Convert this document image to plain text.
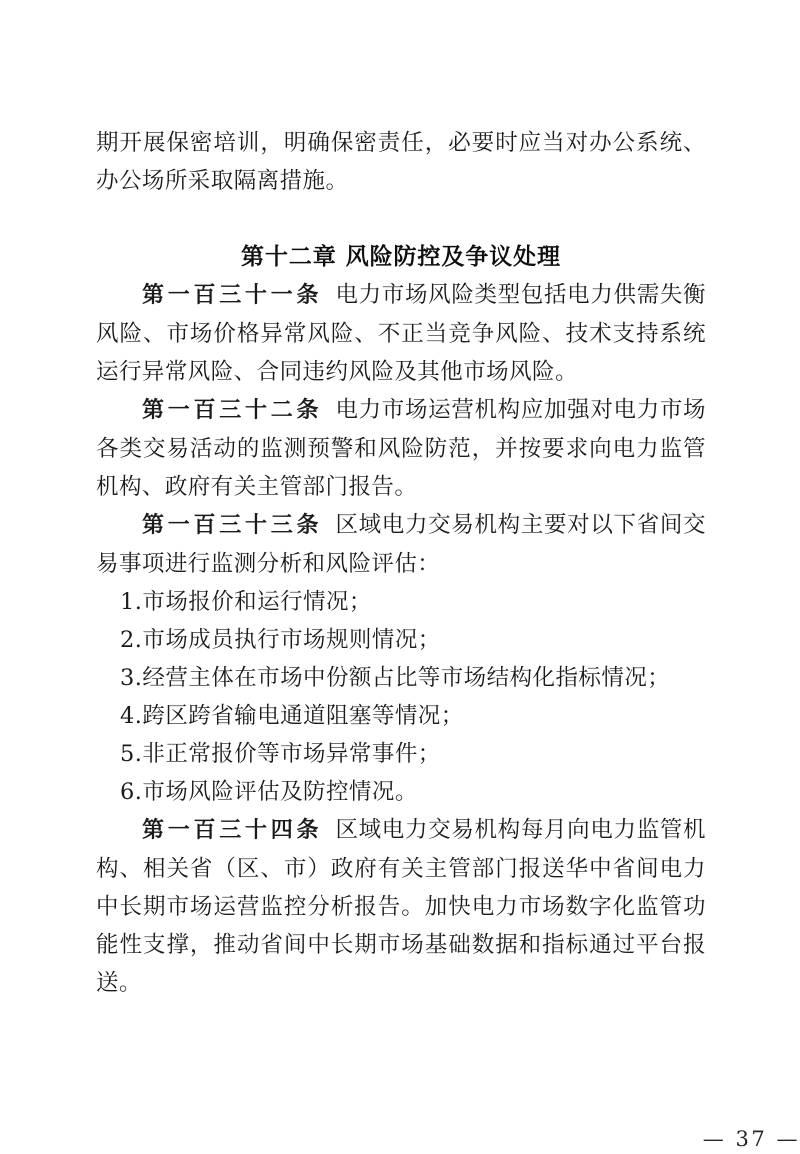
期开展保密培训，明确保密责任，必要时应当对办公系统、办公场所采取隔离措施。

第十二章 风险防控及争议处理

第一百三十一条 电力市场风险类型包括电力供需失衡风险、市场价格异常风险、不正当竞争风险、技术支持系统运行异常风险、合同违约风险及其他市场风险。

第一百三十二条 电力市场运营机构应加强对电力市场各类交易活动的监测预警和风险防范，并按要求向电力监管机构、政府有关主管部门报告。

第一百三十三条 区域电力交易机构主要对以下省间交易事项进行监测分析和风险评估：

1.市场报价和运行情况；

2.市场成员执行市场规则情况；

3.经营主体在市场中份额占比等市场结构化指标情况；

4.跨区跨省输电通道阻塞等情况；

5.非正常报价等市场异常事件；

6.市场风险评估及防控情况。

第一百三十四条 区域电力交易机构每月向电力监管机构、相关省（区、市）政府有关主管部门报送华中省间电力中长期市场运营监控分析报告。加快电力市场数字化监管功能性支撑，推动省间中长期市场基础数据和指标通过平台报送。

— 37 —
